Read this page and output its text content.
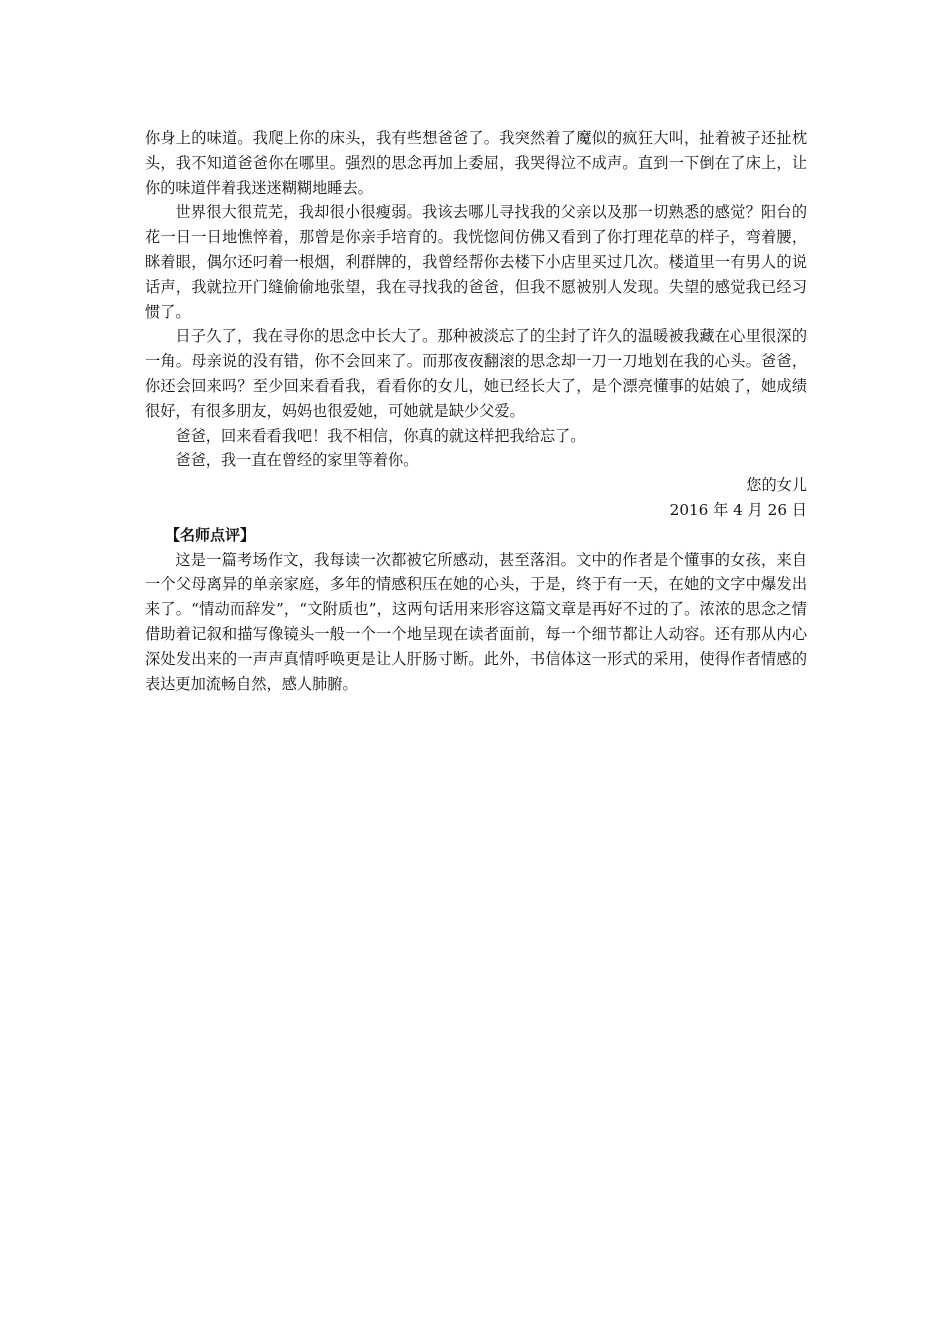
你身上的味道。我爬上你的床头，我有些想爸爸了。我突然着了魔似的疯狂大叫，扯着被子还扯枕头，我不知道爸爸你在哪里。强烈的思念再加上委屈，我哭得泣不成声。直到一下倒在了床上，让你的味道伴着我迷迷糊糊地睡去。

世界很大很荒芜，我却很小很瘦弱。我该去哪儿寻找我的父亲以及那一切熟悉的感觉？阳台的花一日一日地憔悴着，那曾是你亲手培育的。我恍惚间仿佛又看到了你打理花草的样子，弯着腰，眯着眼，偶尔还叼着一根烟，利群牌的，我曾经帮你去楼下小店里买过几次。楼道里一有男人的说话声，我就拉开门缝偷偷地张望，我在寻找我的爸爸，但我不愿被别人发现。失望的感觉我已经习惯了。

日子久了，我在寻你的思念中长大了。那种被淡忘了的尘封了许久的温暖被我藏在心里很深的一角。母亲说的没有错，你不会回来了。而那夜夜翻滚的思念却一刀一刀地划在我的心头。爸爸，你还会回来吗？至少回来看看我，看看你的女儿，她已经长大了，是个漂亮懂事的姑娘了，她成绩很好，有很多朋友，妈妈也很爱她，可她就是缺少父爱。

爸爸，回来看看我吧！我不相信，你真的就这样把我给忘了。

爸爸，我一直在曾经的家里等着你。

您的女儿

2016 年 4 月 26 日

【名师点评】

这是一篇考场作文，我每读一次都被它所感动，甚至落泪。文中的作者是个懂事的女孩，来自一个父母离异的单亲家庭，多年的情感积压在她的心头，于是，终于有一天，在她的文字中爆发出来了。“情动而辞发”，“文附质也”，这两句话用来形容这篇文章是再好不过的了。浓浓的思念之情借助着记叙和描写像镜头一般一个一个地呈现在读者面前，每一个细节都让人动容。还有那从内心深处发出来的一声声真情呼唤更是让人肝肠寸断。此外，书信体这一形式的采用，使得作者情感的表达更加流畅自然，感人肺腑。
